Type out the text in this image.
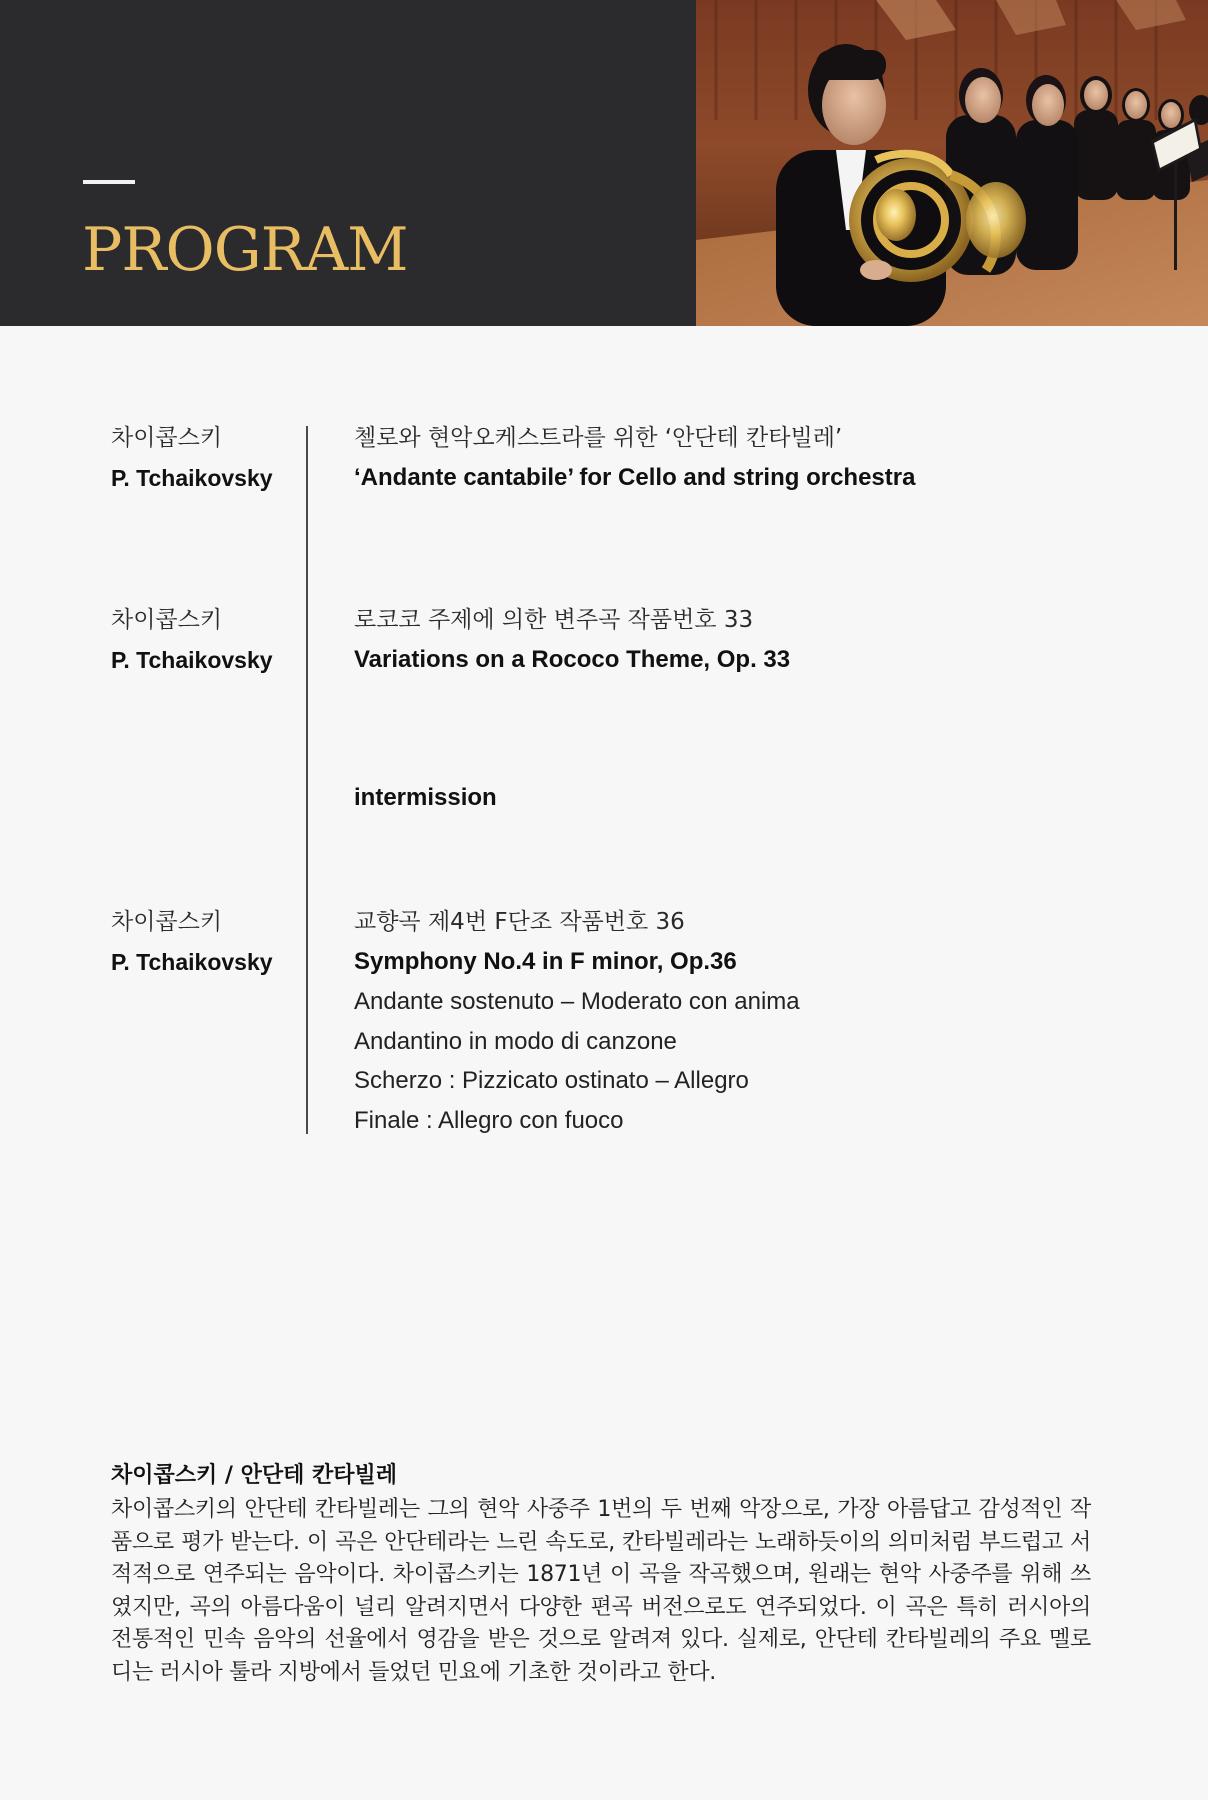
PROGRAM
차이콥스키
P. Tchaikovsky
첼로와 현악오케스트라를 위한 ‘안단테 칸타빌레’
‘Andante cantabile’ for Cello and string orchestra
차이콥스키
P. Tchaikovsky
로코코 주제에 의한 변주곡 작품번호 33
Variations on a Rococo Theme, Op. 33
intermission
차이콥스키
P. Tchaikovsky
교향곡 제4번 F단조 작품번호 36
Symphony No.4 in F minor, Op.36
Andante sostenuto – Moderato con anima
Andantino in modo di canzone
Scherzo : Pizzicato ostinato – Allegro
Finale : Allegro con fuoco
차이콥스키 / 안단테 칸타빌레

차이콥스키의 안단테 칸타빌레는 그의 현악 사중주 1번의 두 번째 악장으로, 가장 아름답고 감성적인 작품으로 평가 받는다. 이 곡은 안단테라는 느린 속도로, 칸타빌레라는 노래하듯이의 의미처럼 부드럽고 서적적으로 연주되는 음악이다. 차이콥스키는 1871년 이 곡을 작곡했으며, 원래는 현악 사중주를 위해 쓰였지만, 곡의 아름다움이 널리 알려지면서 다양한 편곡 버전으로도 연주되었다. 이 곡은 특히 러시아의 전통적인 민속 음악의 선율에서 영감을 받은 것으로 알려져 있다. 실제로, 안단테 칸타빌레의 주요 멜로디는 러시아 툴라 지방에서 들었던 민요에 기초한 것이라고 한다.
